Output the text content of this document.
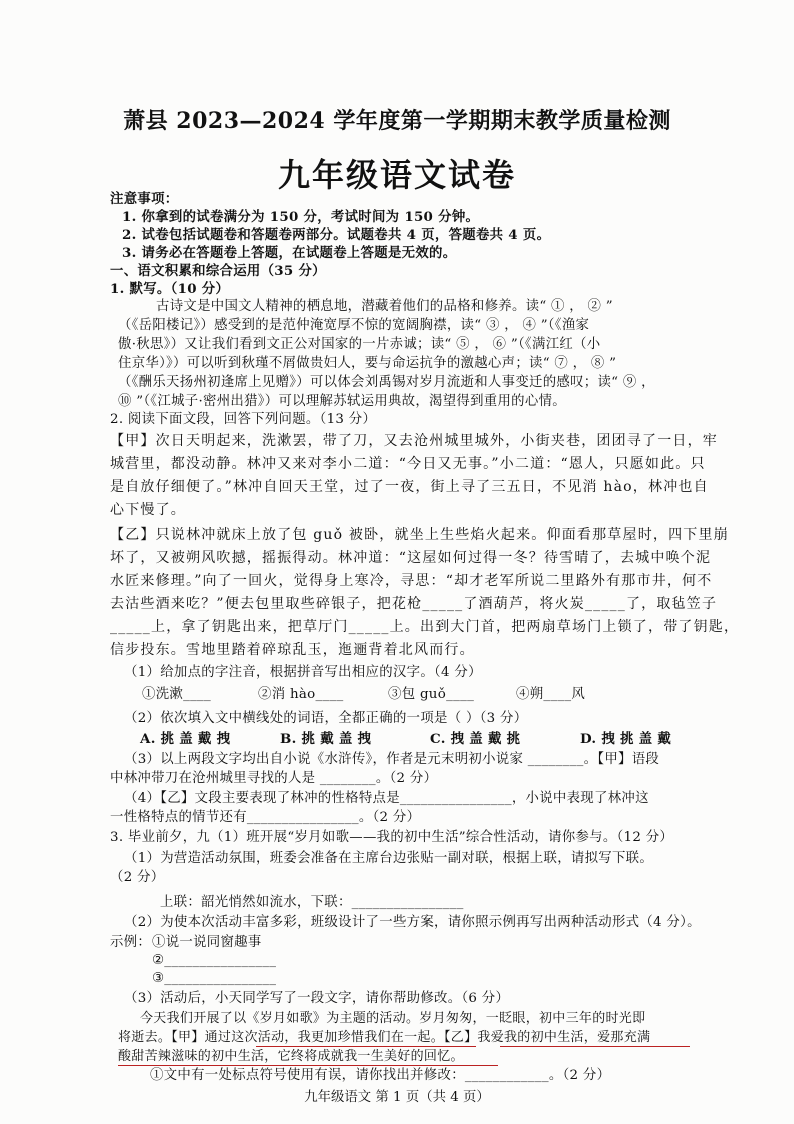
萧县 2023—2024 学年度第一学期期末教学质量检测
九年级语文试卷
注意事项：
1. 你拿到的试卷满分为 150 分，考试时间为 150 分钟。
2. 试卷包括试题卷和答题卷两部分。试题卷共 4 页，答题卷共 4 页。
3. 请务必在答题卷上答题，在试题卷上答题是无效的。
一、语文积累和综合运用（35 分）
1. 默写。（10 分）
古诗文是中国文人精神的栖息地，潜藏着他们的品格和修养。读“ ① ， ② ”
（《岳阳楼记》）感受到的是范仲淹宽厚不惊的宽阔胸襟，读“ ③ ， ④ ”（《渔家
傲·秋思》）又让我们看到文正公对国家的一片赤诚；读“ ⑤ ， ⑥ ”（《满江红（小
住京华）》）可以听到秋瑾不屑做贵妇人，要与命运抗争的激越心声；读“ ⑦ ， ⑧ ”
（《酬乐天扬州初逢席上见赠》）可以体会刘禹锡对岁月流逝和人事变迁的感叹；读“ ⑨ ，
⑩ ”（《江城子·密州出猎》）可以理解苏轼运用典故，渴望得到重用的心情。
2. 阅读下面文段，回答下列问题。（13 分）
【甲】次日天明起来，洗漱罢，带了刀，又去沧州城里城外，小街夹巷，团团寻了一日，牢
城营里，都没动静。林冲又来对李小二道：“今日又无事。”小二道：“恩人，只愿如此。只
是自放仔细便了。”林冲自回天王堂，过了一夜，街上寻了三五日，不见消 hào，林冲也自
心下慢了。
【乙】只说林冲就床上放了包 guǒ 被卧，就坐上生些焰火起来。仰面看那草屋时，四下里崩
坏了，又被朔风吹撼，摇振得动。林冲道：“这屋如何过得一冬？待雪晴了，去城中唤个泥
水匠来修理。”向了一回火，觉得身上寒冷，寻思：“却才老军所说二里路外有那市井，何不
去沽些酒来吃？”便去包里取些碎银子，把花枪_____了酒葫芦，将火炭_____了，取毡笠子
_____上，拿了钥匙出来，把草厅门_____上。出到大门首，把两扇草场门上锁了，带了钥匙，
信步投东。雪地里踏着碎琼乱玉，迤逦背着北风而行。
（1）给加点的字注音，根据拼音写出相应的汉字。（4 分）
①洗漱____	②消 hào____	③包 guǒ____	④朔____风
（2）依次填入文中横线处的词语，全都正确的一项是（ ）（3 分）
A. 挑 盖 戴 拽	B. 挑 戴 盖 拽	C. 拽 盖 戴 挑	D. 拽 挑 盖 戴
（3）以上两段文字均出自小说《水浒传》，作者是元末明初小说家 ________。【甲】语段
中林冲带刀在沧州城里寻找的人是 ________。（2 分）
（4）【乙】文段主要表现了林冲的性格特点是________________，小说中表现了林冲这
一性格特点的情节还有________________。（2 分）
3. 毕业前夕，九（1）班开展“岁月如歌——我的初中生活”综合性活动，请你参与。（12 分）
（1）为营造活动氛围，班委会准备在主席台边张贴一副对联，根据上联，请拟写下联。
（2 分）
上联：韶光悄然如流水，下联：________________
（2）为使本次活动丰富多彩，班级设计了一些方案，请你照示例再写出两种活动形式（4 分）。
示例： ①说一说同窗趣事
②________________
③________________
（3）活动后，小天同学写了一段文字，请你帮助修改。（6 分）
今天我们开展了以《岁月如歌》为主题的活动。岁月匆匆，一眨眼，初中三年的时光即
将逝去。【甲】通过这次活动，我更加珍惜我们在一起。【乙】我爱我的初中生活，爱那充满
酸甜苦辣滋味的初中生活，它终将成就我一生美好的回忆。
①文中有一处标点符号使用有误，请你找出并修改：____________。（2 分）
九年级语文 第 1 页（共 4 页）
